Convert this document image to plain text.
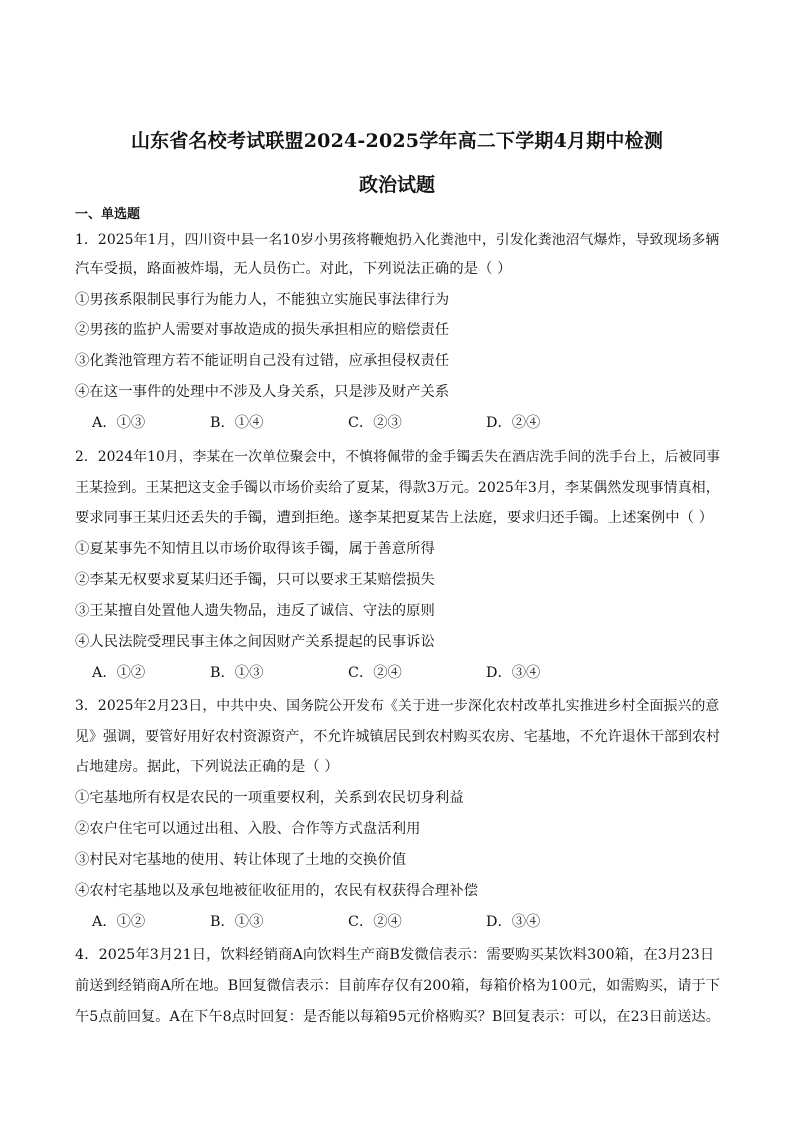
山东省名校考试联盟2024-2025学年高二下学期4月期中检测
政治试题
一、单选题
1．2025年1月，四川资中县一名10岁小男孩将鞭炮扔入化粪池中，引发化粪池沼气爆炸，导致现场多辆
汽车受损，路面被炸塌，无人员伤亡。对此，下列说法正确的是（ ）
①男孩系限制民事行为能力人，不能独立实施民事法律行为
②男孩的监护人需要对事故造成的损失承担相应的赔偿责任
③化粪池管理方若不能证明自己没有过错，应承担侵权责任
④在这一事件的处理中不涉及人身关系，只是涉及财产关系
A．①③	B．①④	C．②③	D．②④
2．2024年10月，李某在一次单位聚会中，不慎将佩带的金手镯丢失在酒店洗手间的洗手台上，后被同事
王某捡到。王某把这支金手镯以市场价卖给了夏某，得款3万元。2025年3月，李某偶然发现事情真相，
要求同事王某归还丢失的手镯，遭到拒绝。遂李某把夏某告上法庭，要求归还手镯。上述案例中（ ）
①夏某事先不知情且以市场价取得该手镯，属于善意所得
②李某无权要求夏某归还手镯，只可以要求王某赔偿损失
③王某擅自处置他人遗失物品，违反了诚信、守法的原则
④人民法院受理民事主体之间因财产关系提起的民事诉讼
A．①②	B．①③	C．②④	D．③④
3．2025年2月23日，中共中央、国务院公开发布《关于进一步深化农村改革扎实推进乡村全面振兴的意
见》强调，要管好用好农村资源资产，不允许城镇居民到农村购买农房、宅基地，不允许退休干部到农村
占地建房。据此，下列说法正确的是（ ）
①宅基地所有权是农民的一项重要权利，关系到农民切身利益
②农户住宅可以通过出租、入股、合作等方式盘活利用
③村民对宅基地的使用、转让体现了土地的交换价值
④农村宅基地以及承包地被征收征用的，农民有权获得合理补偿
A．①②	B．①③	C．②④	D．③④
4．2025年3月21日，饮料经销商A向饮料生产商B发微信表示：需要购买某饮料300箱，在3月23日
前送到经销商A所在地。B回复微信表示：目前库存仅有200箱，每箱价格为100元，如需购买，请于下
午5点前回复。A在下午8点时回复：是否能以每箱95元价格购买？B回复表示：可以，在23日前送达。
